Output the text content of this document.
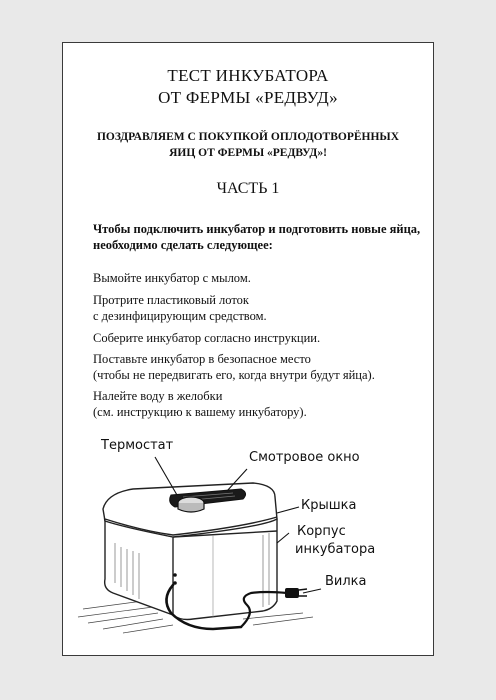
ТЕСТ ИНКУБАТОРА
ОТ ФЕРМЫ «РЕДВУД»
ПОЗДРАВЛЯЕМ С ПОКУПКОЙ ОПЛОДОТВОРЁННЫХ
ЯИЦ ОТ ФЕРМЫ «РЕДВУД»!
ЧАСТЬ 1
Чтобы подключить инкубатор и подготовить новые яйца,
необходимо сделать следующее:
Вымойте инкубатор с мылом.
Протрите пластиковый лоток
с дезинфицирующим средством.
Соберите инкубатор согласно инструкции.
Поставьте инкубатор в безопасное место
(чтобы не передвигать его, когда внутри будут яйца).
Налейте воду в желобки
(см. инструкцию к вашему инкубатору).
Термостат
Смотровое окно
Крышка
Корпус
инкубатора
Вилка
